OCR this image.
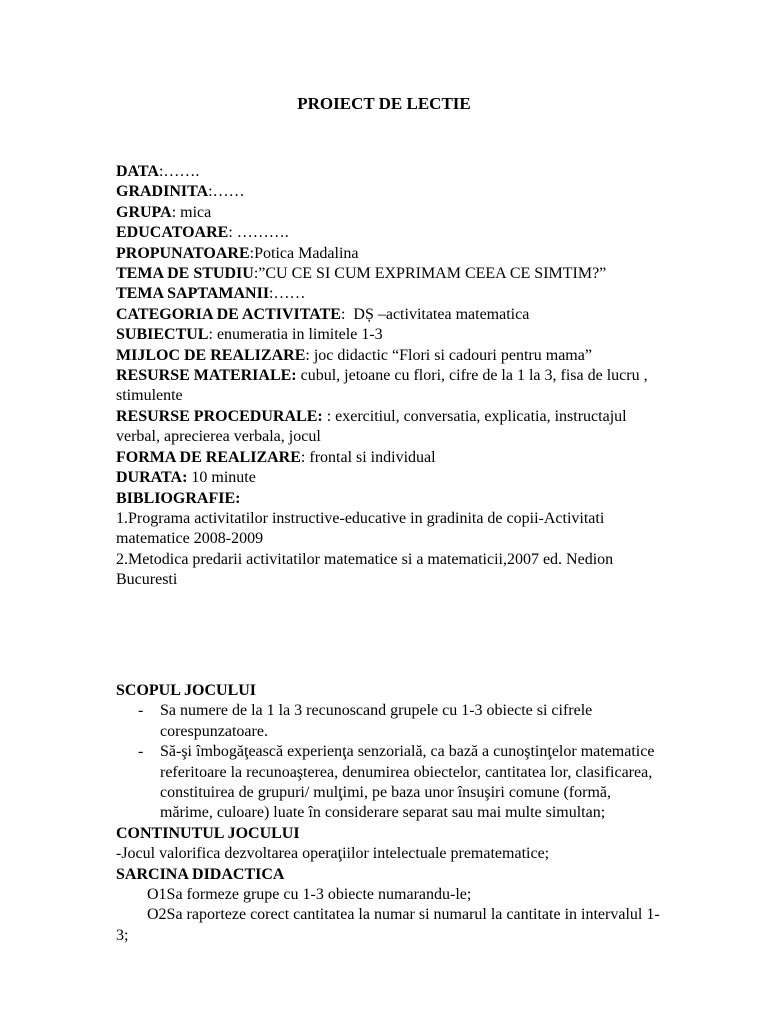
PROIECT DE LECTIE
DATA:…….
GRADINITA:……
GRUPA: mica
EDUCATOARE: ……….
PROPUNATOARE:Potica Madalina
TEMA DE STUDIU:”CU CE SI CUM EXPRIMAM CEEA CE SIMTIM?”
TEMA SAPTAMANII:……
CATEGORIA DE ACTIVITATE:  DȘ –activitatea matematica
SUBIECTUL: enumeratia in limitele 1-3
MIJLOC DE REALIZARE: joc didactic “Flori si cadouri pentru mama”
RESURSE MATERIALE: cubul, jetoane cu flori, cifre de la 1 la 3, fisa de lucru , stimulente
RESURSE PROCEDURALE: : exercitiul, conversatia, explicatia, instructajul verbal, aprecierea verbala, jocul
FORMA DE REALIZARE: frontal si individual
DURATA: 10 minute
BIBLIOGRAFIE:
1.Programa activitatilor instructive-educative in gradinita de copii-Activitati matematice 2008-2009
2.Metodica predarii activitatilor matematice si a matematicii,2007 ed. Nedion Bucuresti
SCOPUL JOCULUI
- Sa numere de la 1 la 3 recunoscand grupele cu 1-3 obiecte si cifrele corespunzatoare.
- Să-şi îmbogăţească experienţa senzorială, ca bază a cunoştinţelor matematice referitoare la recunoaşterea, denumirea obiectelor, cantitatea lor, clasificarea, constituirea de grupuri/ mulţimi, pe baza unor însuşiri comune (formă, mărime, culoare) luate în considerare separat sau mai multe simultan;
CONTINUTUL JOCULUI
-Jocul valorifica dezvoltarea operaţiilor intelectuale prematematice;
SARCINA DIDACTICA
O1Sa formeze grupe cu 1-3 obiecte numarandu-le;
O2Sa raporteze corect cantitatea la numar si numarul la cantitate in intervalul 1-3;
